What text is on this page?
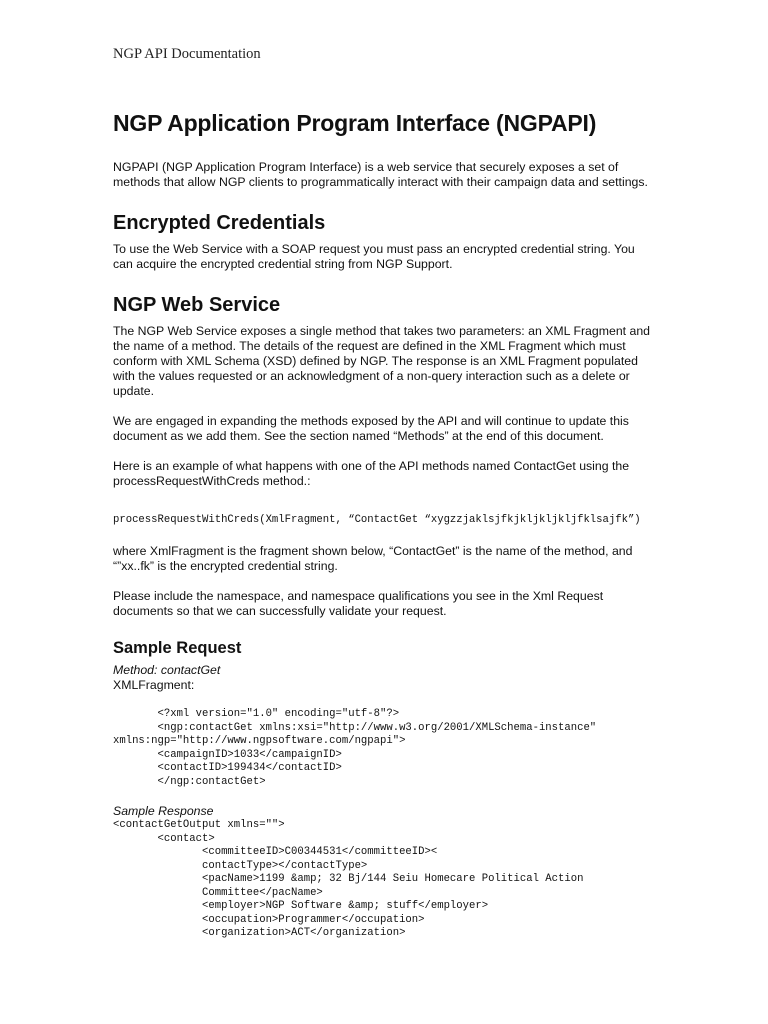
NGP API Documentation
NGP Application Program Interface (NGPAPI)

NGPAPI (NGP Application Program Interface) is a web service that securely exposes a set of methods that allow NGP clients to programmatically interact with their campaign data and settings.

Encrypted Credentials

To use the Web Service with a SOAP request you must pass an encrypted credential string. You can acquire the encrypted credential string from NGP Support.

NGP Web Service

The NGP Web Service exposes a single method that takes two parameters: an XML Fragment and the name of a method. The details of the request are defined in the XML Fragment which must conform with XML Schema (XSD) defined by NGP. The response is an XML Fragment populated with the values requested or an acknowledgment of a non-query interaction such as a delete or update.

We are engaged in expanding the methods exposed by the API and will continue to update this document as we add them. See the section named “Methods” at the end of this document.

Here is an example of what happens with one of the API methods named ContactGet using the processRequestWithCreds method.:

processRequestWithCreds(XmlFragment, “ContactGet “xygzzjaklsjfkjkljkljkljfklsajfk”)

where XmlFragment is the fragment shown below, “ContactGet” is the name of the method, and “”xx..fk” is the encrypted credential string.

Please include the namespace, and namespace qualifications you see in the Xml Request documents so that we can successfully validate your request.

Sample Request

Method: contactGet

XMLFragment:

<?xml version="1.0" encoding="utf-8"?>
<ngp:contactGet xmlns:xsi="http://www.w3.org/2001/XMLSchema-instance"
xmlns:ngp="http://www.ngpsoftware.com/ngpapi">
<campaignID>1033</campaignID>
<contactID>199434</contactID>
</ngp:contactGet>

Sample Response

<contactGetOutput xmlns="">
<contact>
<committeeID>C00344531</committeeID><
contactType></contactType>
<pacName>1199 &amp; 32 Bj/144 Seiu Homecare Political Action
Committee</pacName>
<employer>NGP Software &amp; stuff</employer>
<occupation>Programmer</occupation>
<organization>ACT</organization>
